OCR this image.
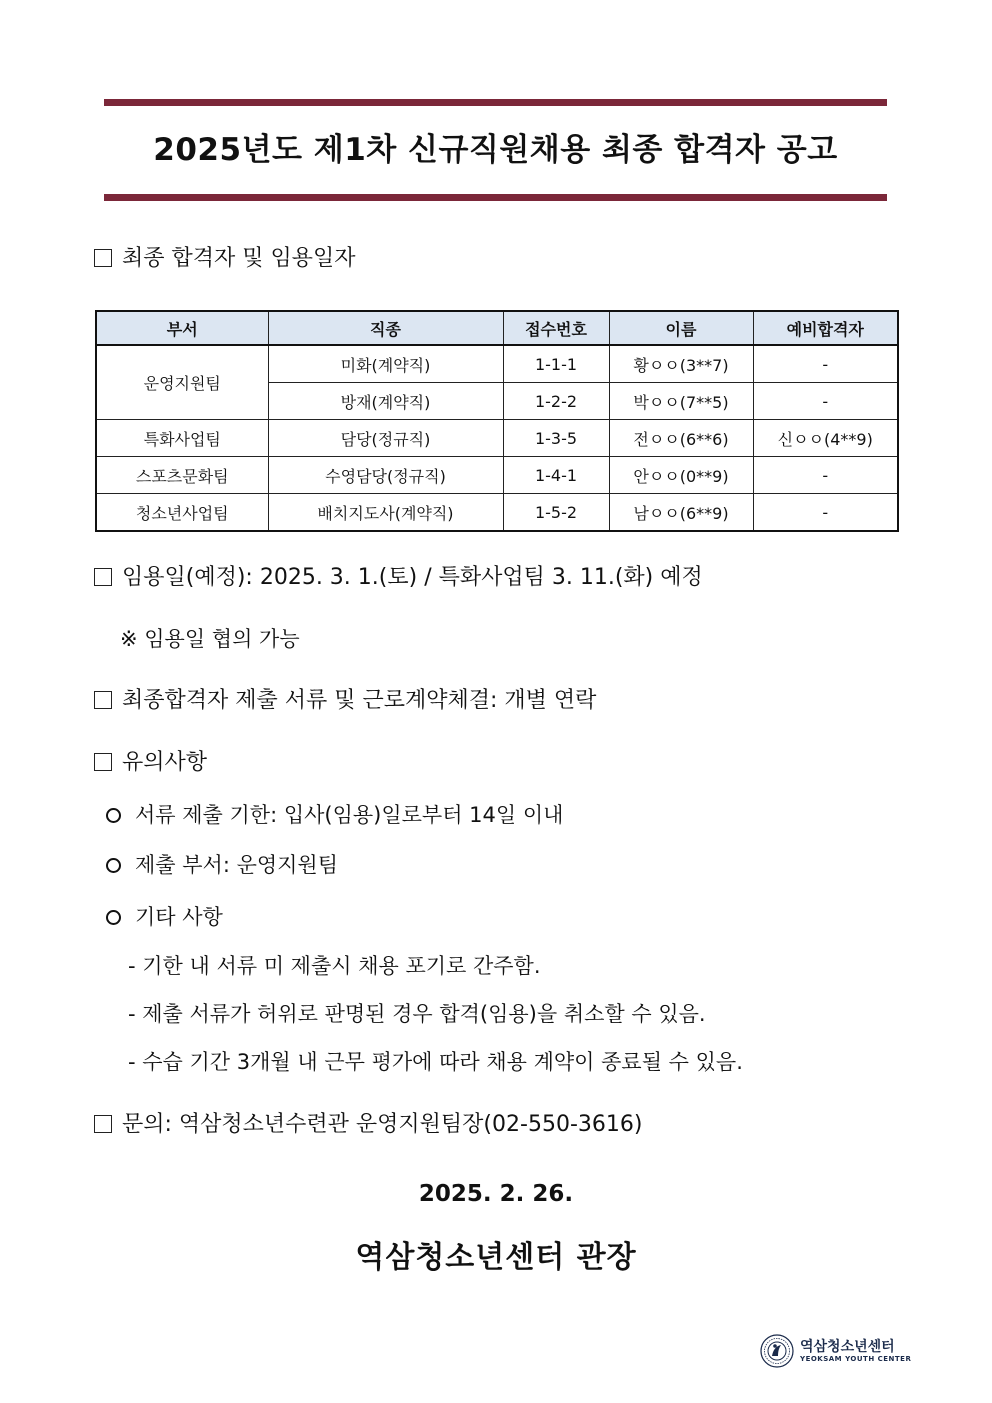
2025년도 제1차 신규직원채용 최종 합격자 공고
최종 합격자 및 임용일자
부서	직종	접수번호	이름	예비합격자
운영지원팀	미화(계약직)	1-1-1	황ㅇㅇ(3**7)	-
	방재(계약직)	1-2-2	박ㅇㅇ(7**5)	-
특화사업팀	담당(정규직)	1-3-5	전ㅇㅇ(6**6)	신ㅇㅇ(4**9)
스포츠문화팀	수영담당(정규직)	1-4-1	안ㅇㅇ(0**9)	-
청소년사업팀	배치지도사(계약직)	1-5-2	남ㅇㅇ(6**9)	-
임용일(예정): 2025. 3. 1.(토) / 특화사업팀 3. 11.(화) 예정
※ 임용일 협의 가능
최종합격자 제출 서류 및 근로계약체결: 개별 연락
유의사항
서류 제출 기한: 입사(임용)일로부터 14일 이내
제출 부서: 운영지원팀
기타 사항
- 기한 내 서류 미 제출시 채용 포기로 간주함.
- 제출 서류가 허위로 판명된 경우 합격(임용)을 취소할 수 있음.
- 수습 기간 3개월 내 근무 평가에 따라 채용 계약이 종료될 수 있음.
문의: 역삼청소년수련관 운영지원팀장(02-550-3616)
2025. 2. 26.
역삼청소년센터 관장
역삼청소년센터
YEOKSAM YOUTH CENTER
